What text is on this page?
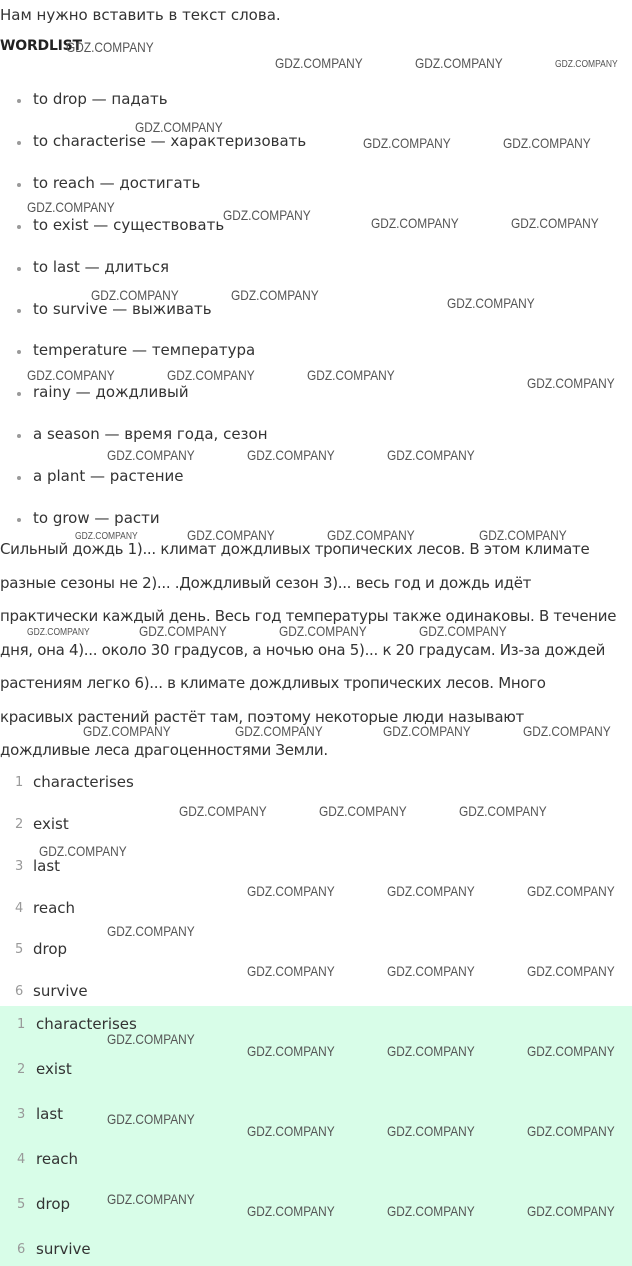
Нам нужно вставить в текст слова.
WORDLIST
to drop — падать
to characterise — характеризовать
to reach — достигать
to exist — существовать
to last — длиться
to survive — выживать
temperature — температура
rainy — дождливый
a season — время года, сезон
a plant — растение
to grow — расти
Сильный дождь 1)... климат дождливых тропических лесов. В этом климате
разные сезоны не 2)... .Дождливый сезон 3)... весь год и дождь идёт
практически каждый день. Весь год температуры также одинаковы. В течение
дня, она 4)... около 30 градусов, а ночью она 5)... к 20 градусам. Из-за дождей
растениям легко 6)... в климате дождливых тропических лесов. Много
красивых растений растёт там, поэтому некоторые люди называют
дождливые леса драгоценностями Земли.
1 characterises
2 exist
3 last
4 reach
5 drop
6 survive
1 characterises
2 exist
3 last
4 reach
5 drop
6 survive
GDZ.COMPANY
GDZ.COMPANY	GDZ.COMPANY	GDZ.COMPANY
GDZ.COMPANY
GDZ.COMPANY	GDZ.COMPANY
GDZ.COMPANY	GDZ.COMPANY	GDZ.COMPANY	GDZ.COMPANY
GDZ.COMPANY	GDZ.COMPANY	GDZ.COMPANY
GDZ.COMPANY	GDZ.COMPANY	GDZ.COMPANY	GDZ.COMPANY
GDZ.COMPANY	GDZ.COMPANY	GDZ.COMPANY
GDZ.COMPANY	GDZ.COMPANY	GDZ.COMPANY	GDZ.COMPANY
GDZ.COMPANY	GDZ.COMPANY	GDZ.COMPANY	GDZ.COMPANY
GDZ.COMPANY	GDZ.COMPANY	GDZ.COMPANY	GDZ.COMPANY
GDZ.COMPANY	GDZ.COMPANY	GDZ.COMPANY
GDZ.COMPANY
GDZ.COMPANY	GDZ.COMPANY	GDZ.COMPANY
GDZ.COMPANY
GDZ.COMPANY	GDZ.COMPANY	GDZ.COMPANY
GDZ.COMPANY
GDZ.COMPANY	GDZ.COMPANY	GDZ.COMPANY
GDZ.COMPANY
GDZ.COMPANY	GDZ.COMPANY	GDZ.COMPANY
GDZ.COMPANY
GDZ.COMPANY	GDZ.COMPANY	GDZ.COMPANY
